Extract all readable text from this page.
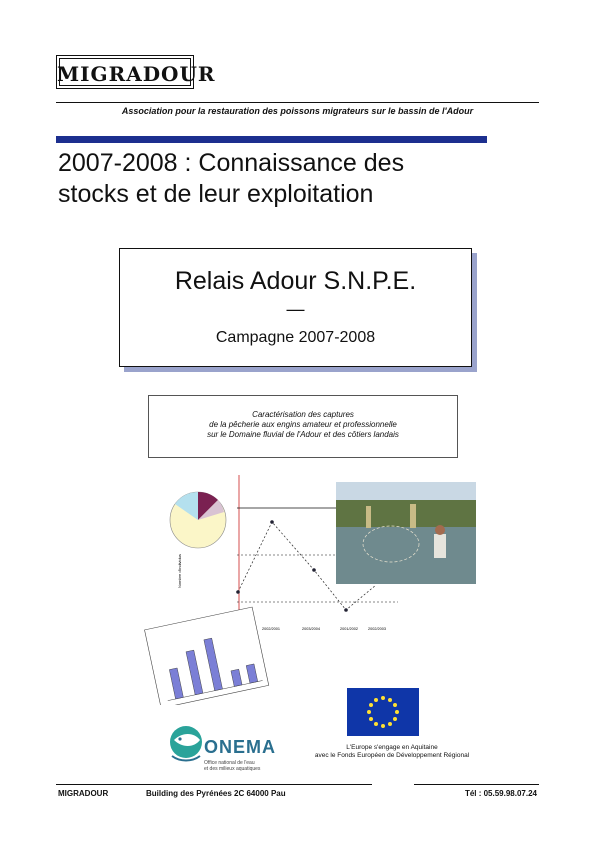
MIGRADOUR
Association pour la restauration des poissons migrateurs sur le bassin de l'Adour
2007-2008 : Connaissance des
stocks et de leur exploitation
Relais Adour S.N.P.E.
—
Campagne 2007-2008
Caractérisation des captures
de la pêcherie aux engins amateur et professionnelle
sur le Domaine fluvial de l'Adour et des côtiers landais
Nombre d'individus
2002/2001	2003/2004	2001/2002	2002/2003
L'Europe s'engage en Aquitaine
avec le Fonds Européen de Développement Régional
ONEMA
Office national de l'eau
et des milieux aquatiques
MIGRADOUR	Building des Pyrénées 2C 64000 Pau	Tél : 05.59.98.07.24
